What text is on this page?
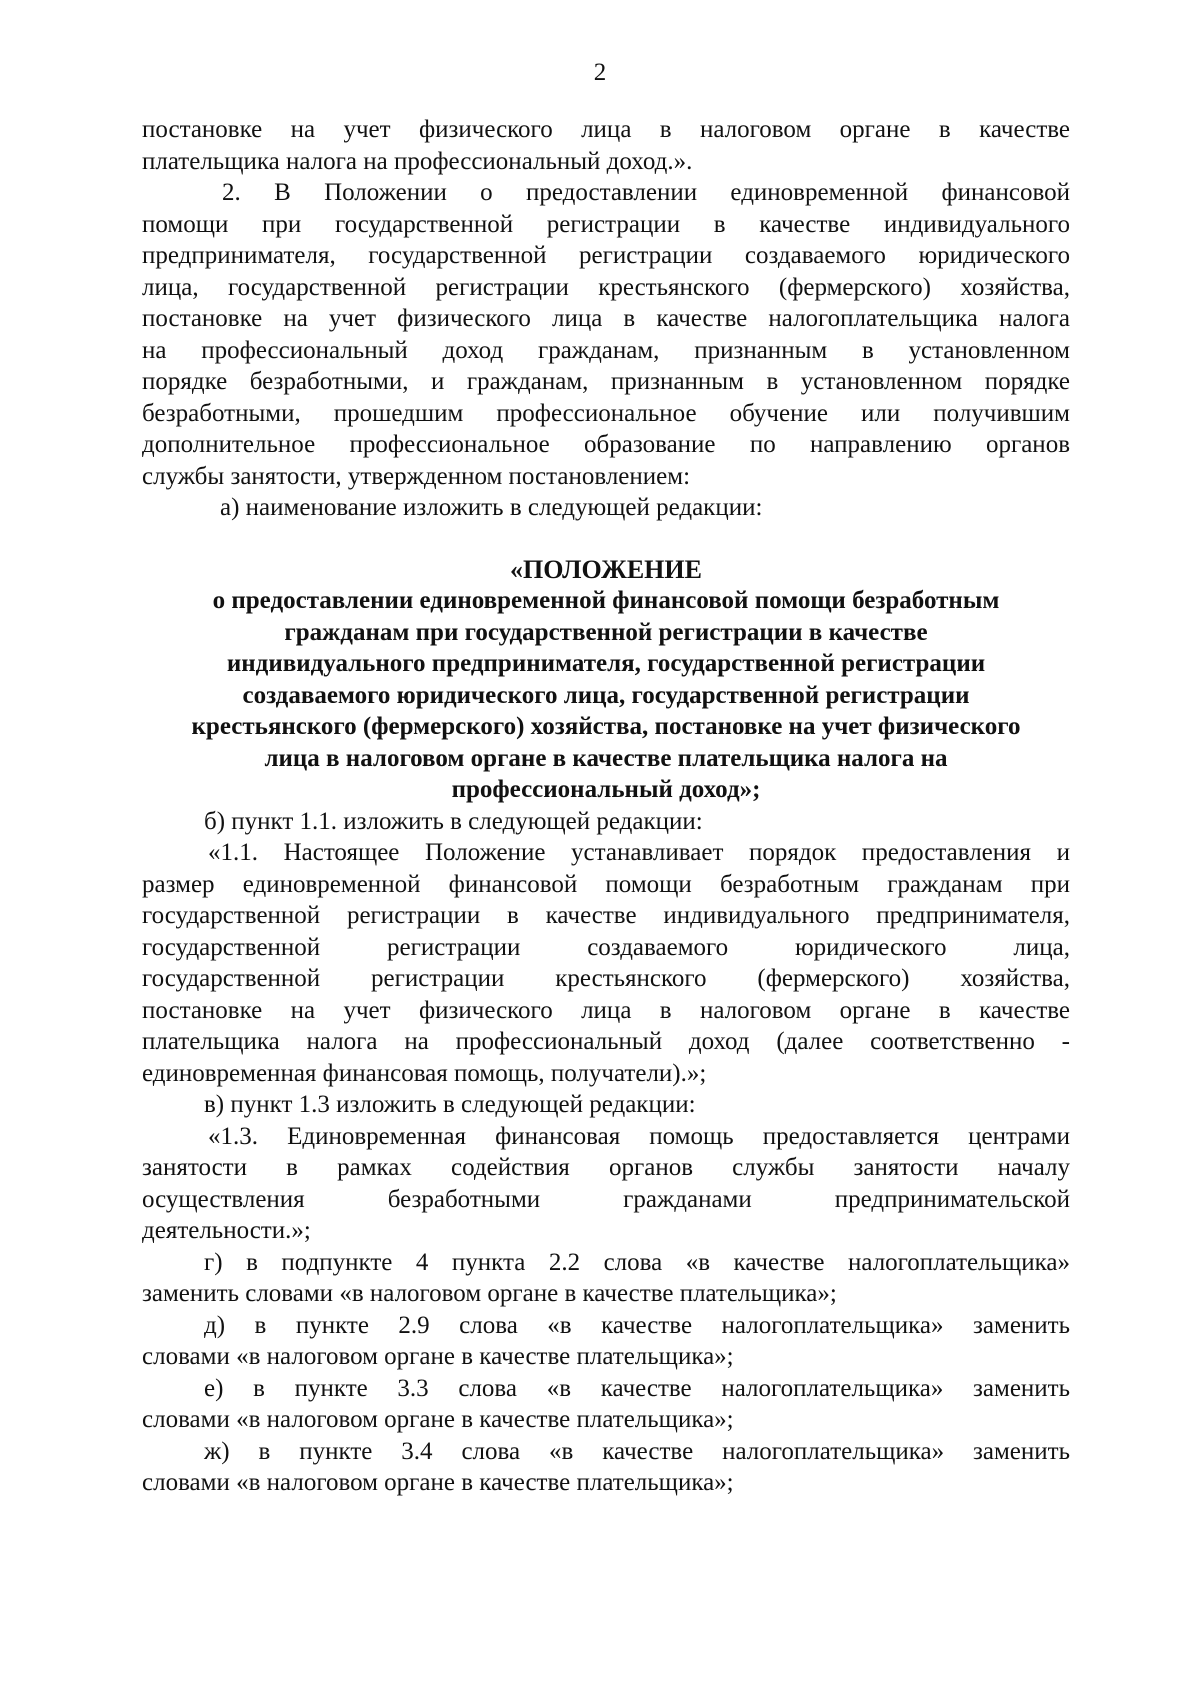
2
постановке на учет физического лица в налоговом органе в качестве
плательщика налога на профессиональный доход.».
2. В Положении о предоставлении единовременной финансовой
помощи при государственной регистрации в качестве индивидуального
предпринимателя, государственной регистрации создаваемого юридического
лица, государственной регистрации крестьянского (фермерского) хозяйства,
постановке на учет физического лица в качестве налогоплательщика налога
на профессиональный доход гражданам, признанным в установленном
порядке безработными, и гражданам, признанным в установленном порядке
безработными, прошедшим профессиональное обучение или получившим
дополнительное профессиональное образование по направлению органов
службы занятости, утвержденном постановлением:
а) наименование изложить в следующей редакции:
«ПОЛОЖЕНИЕ
о предоставлении единовременной финансовой помощи безработным
гражданам при государственной регистрации в качестве
индивидуального предпринимателя, государственной регистрации
создаваемого юридического лица, государственной регистрации
крестьянского (фермерского) хозяйства, постановке на учет физического
лица в налоговом органе в качестве плательщика налога на
профессиональный доход»;
б) пункт 1.1. изложить в следующей редакции:
«1.1. Настоящее Положение устанавливает порядок предоставления и
размер единовременной финансовой помощи безработным гражданам при
государственной регистрации в качестве индивидуального предпринимателя,
государственной регистрации создаваемого юридического лица,
государственной регистрации крестьянского (фермерского) хозяйства,
постановке на учет физического лица в налоговом органе в качестве
плательщика налога на профессиональный доход (далее соответственно -
единовременная финансовая помощь, получатели).»;
в) пункт 1.3 изложить в следующей редакции:
«1.3. Единовременная финансовая помощь предоставляется центрами
занятости в рамках содействия органов службы занятости началу
осуществления безработными гражданами предпринимательской
деятельности.»;
г) в подпункте 4 пункта 2.2 слова «в качестве налогоплательщика»
заменить словами «в налоговом органе в качестве плательщика»;
д) в пункте 2.9 слова «в качестве налогоплательщика» заменить
словами «в налоговом органе в качестве плательщика»;
е) в пункте 3.3 слова «в качестве налогоплательщика» заменить
словами «в налоговом органе в качестве плательщика»;
ж) в пункте 3.4 слова «в качестве налогоплательщика» заменить
словами «в налоговом органе в качестве плательщика»;
